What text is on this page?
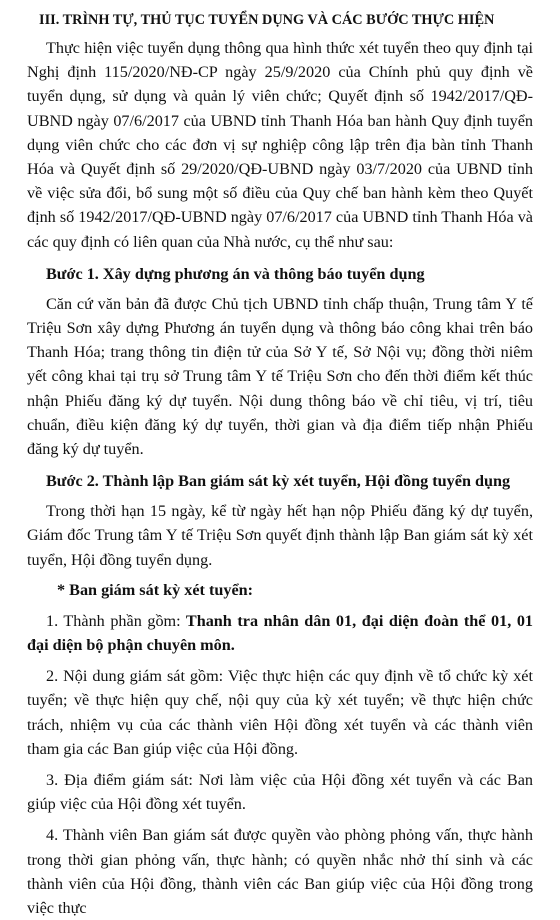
III. TRÌNH TỰ, THỦ TỤC TUYỂN DỤNG VÀ CÁC BƯỚC THỰC HIỆN

Thực hiện việc tuyển dụng thông qua hình thức xét tuyển theo quy định tại Nghị định 115/2020/NĐ-CP ngày 25/9/2020 của Chính phủ quy định về tuyển dụng, sử dụng và quản lý viên chức; Quyết định số 1942/2017/QĐ-UBND ngày 07/6/2017 của UBND tỉnh Thanh Hóa ban hành Quy định tuyển dụng viên chức cho các đơn vị sự nghiệp công lập trên địa bàn tỉnh Thanh Hóa và Quyết định số 29/2020/QĐ-UBND ngày 03/7/2020 của UBND tỉnh về việc sửa đổi, bổ sung một số điều của Quy chế ban hành kèm theo Quyết định số 1942/2017/QĐ-UBND ngày 07/6/2017 của UBND tỉnh Thanh Hóa và các quy định có liên quan của Nhà nước, cụ thể như sau:

Bước 1. Xây dựng phương án và thông báo tuyển dụng

Căn cứ văn bản đã được Chủ tịch UBND tỉnh chấp thuận, Trung tâm Y tế Triệu Sơn xây dựng Phương án tuyển dụng và thông báo công khai trên báo Thanh Hóa; trang thông tin điện tử của Sở Y tế, Sở Nội vụ; đồng thời niêm yết công khai tại trụ sở Trung tâm Y tế Triệu Sơn cho đến thời điểm kết thúc nhận Phiếu đăng ký dự tuyển. Nội dung thông báo về chỉ tiêu, vị trí, tiêu chuẩn, điều kiện đăng ký dự tuyển, thời gian và địa điểm tiếp nhận Phiếu đăng ký dự tuyển.

Bước 2. Thành lập Ban giám sát kỳ xét tuyển, Hội đồng tuyển dụng

Trong thời hạn 15 ngày, kể từ ngày hết hạn nộp Phiếu đăng ký dự tuyển, Giám đốc Trung tâm Y tế Triệu Sơn quyết định thành lập Ban giám sát kỳ xét tuyển, Hội đồng tuyển dụng.

* Ban giám sát kỳ xét tuyển:

1. Thành phần gồm: Thanh tra nhân dân 01, đại diện đoàn thể 01, 01 đại diện bộ phận chuyên môn.

2. Nội dung giám sát gồm: Việc thực hiện các quy định về tổ chức kỳ xét tuyển; về thực hiện quy chế, nội quy của kỳ xét tuyển; về thực hiện chức trách, nhiệm vụ của các thành viên Hội đồng xét tuyển và các thành viên tham gia các Ban giúp việc của Hội đồng.

3. Địa điểm giám sát: Nơi làm việc của Hội đồng xét tuyển và các Ban giúp việc của Hội đồng xét tuyển.

4. Thành viên Ban giám sát được quyền vào phòng phỏng vấn, thực hành trong thời gian phỏng vấn, thực hành; có quyền nhắc nhở thí sinh và các thành viên của Hội đồng, thành viên các Ban giúp việc của Hội đồng trong việc thực
